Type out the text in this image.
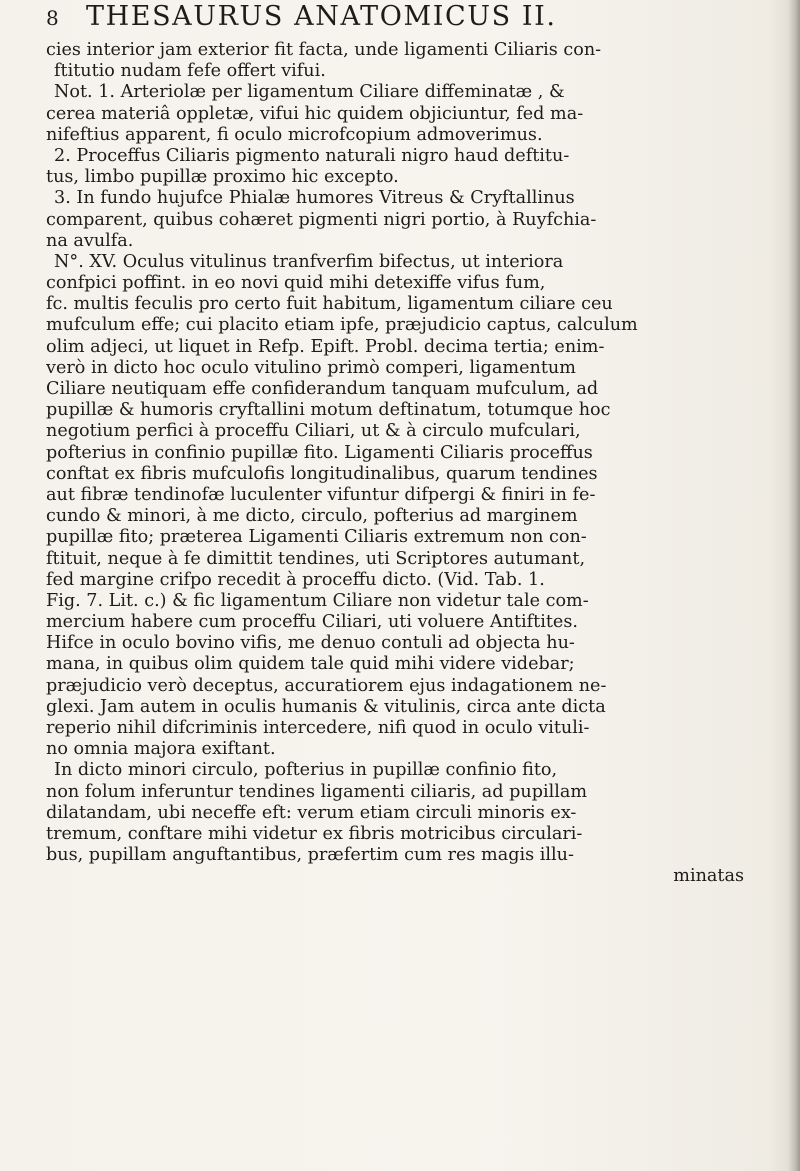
8 THESAURUS ANATOMICUS II.
cies interior jam exterior fit facta, unde ligamenti Ciliaris con-
ftitutio nudam fefe offert vifui.
Not. 1. Arteriolæ per ligamentum Ciliare diffeminatæ , &
cerea materiâ oppletæ, vifui hic quidem objiciuntur, fed ma-
nifeftius apparent, fi oculo microfcopium admoverimus.
2. Proceffus Ciliaris pigmento naturali nigro haud deftitu-
tus, limbo pupillæ proximo hic excepto.
3. In fundo hujufce Phialæ humores Vitreus & Cryftallinus
comparent, quibus cohæret pigmenti nigri portio, à Ruyfchia-
na avulfa.
N°. XV. Oculus vitulinus tranfverfim bifectus, ut interiora
confpici poffint. in eo novi quid mihi detexiffe vifus fum,
fc. multis feculis pro certo fuit habitum, ligamentum ciliare ceu
mufculum effe; cui placito etiam ipfe, præjudicio captus, calculum
olim adjeci, ut liquet in Refp. Epift. Probl. decima tertia; enim-
verò in dicto hoc oculo vitulino primò comperi, ligamentum
Ciliare neutiquam effe confiderandum tanquam mufculum, ad
pupillæ & humoris cryftallini motum deftinatum, totumque hoc
negotium perfici à proceffu Ciliari, ut & à circulo mufculari,
pofterius in confinio pupillæ fito. Ligamenti Ciliaris proceffus
conftat ex fibris mufculofis longitudinalibus, quarum tendines
aut fibræ tendinofæ luculenter vifuntur difpergi & finiri in fe-
cundo & minori, à me dicto, circulo, pofterius ad marginem
pupillæ fito; præterea Ligamenti Ciliaris extremum non con-
ftituit, neque à fe dimittit tendines, uti Scriptores autumant,
fed margine crifpo recedit à proceffu dicto. (Vid. Tab. 1.
Fig. 7. Lit. c.) & fic ligamentum Ciliare non videtur tale com-
mercium habere cum proceffu Ciliari, uti voluere Antiftites.
Hifce in oculo bovino vifis, me denuo contuli ad objecta hu-
mana, in quibus olim quidem tale quid mihi videre videbar;
præjudicio verò deceptus, accuratiorem ejus indagationem ne-
glexi. Jam autem in oculis humanis & vitulinis, circa ante dicta
reperio nihil difcriminis intercedere, nifi quod in oculo vituli-
no omnia majora exiftant.
In dicto minori circulo, pofterius in pupillæ confinio fito,
non folum inferuntur tendines ligamenti ciliaris, ad pupillam
dilatandam, ubi neceffe eft: verum etiam circuli minoris ex-
tremum, conftare mihi videtur ex fibris motricibus circulari-
bus, pupillam anguftantibus, præfertim cum res magis illu-
minatas
